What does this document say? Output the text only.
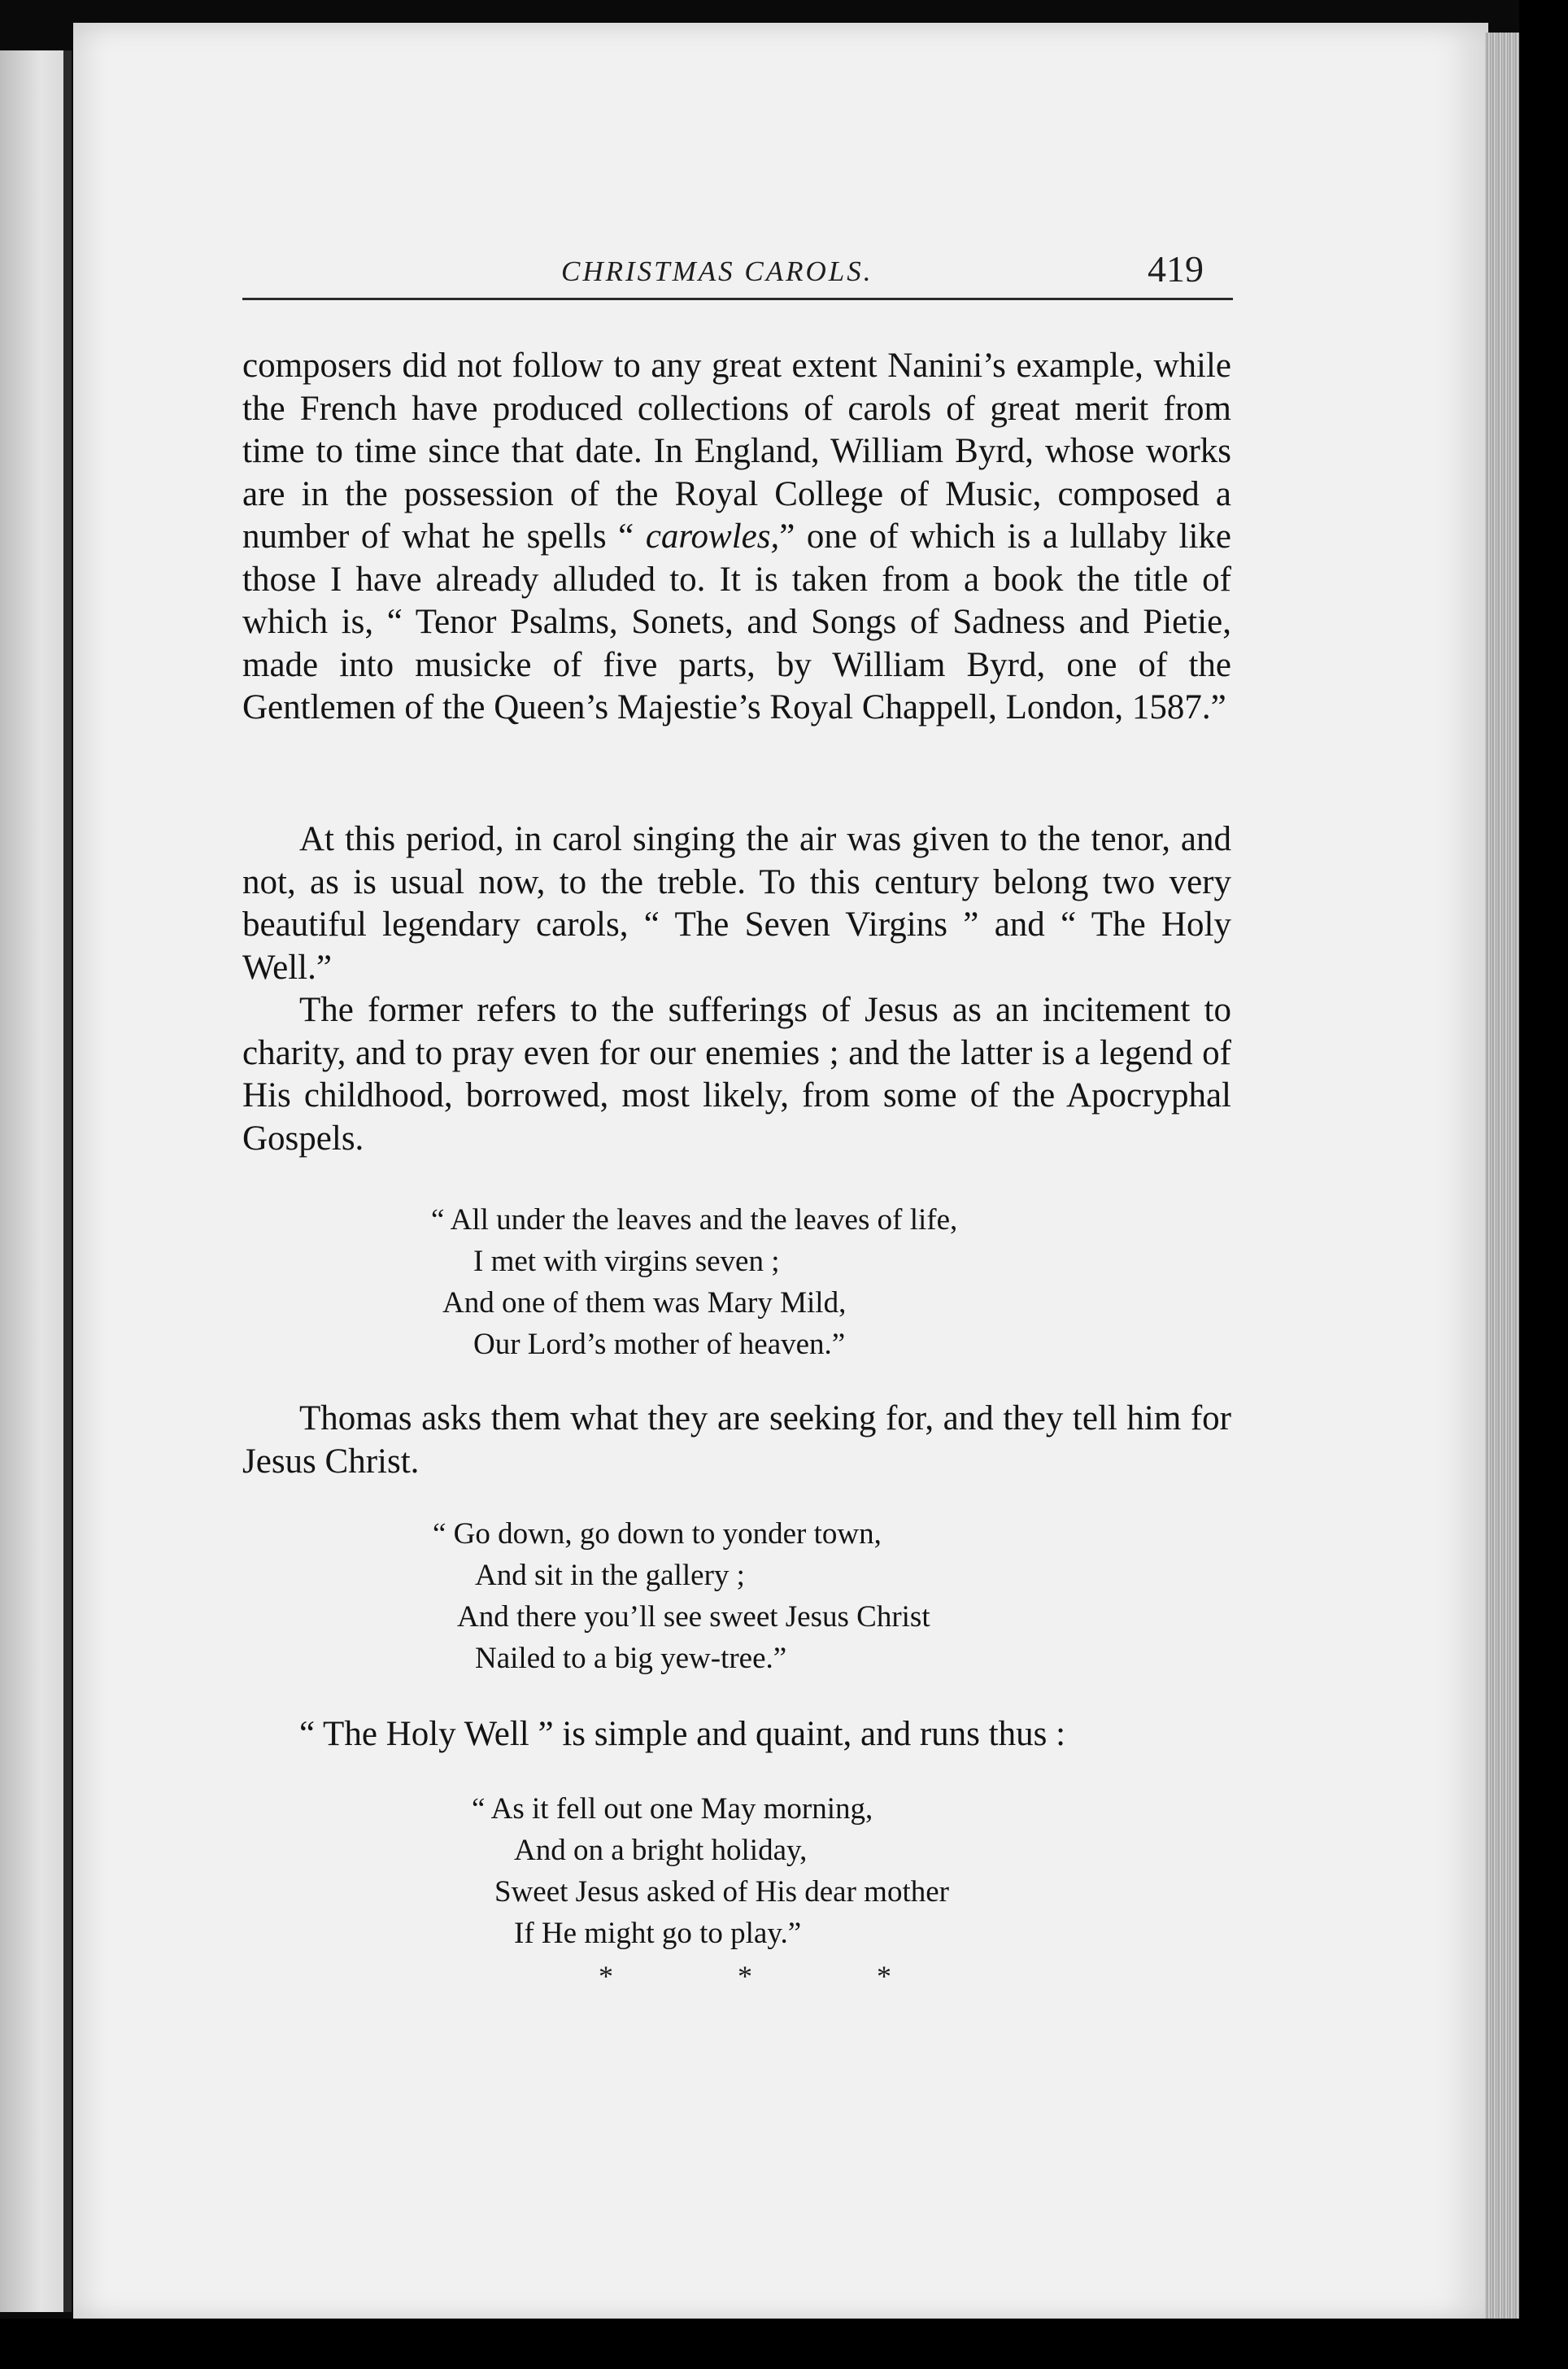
CHRISTMAS CAROLS.	419

composers did not follow to any great extent Nanini’s example, while the French have produced collections of carols of great merit from time to time since that date. In England, William Byrd, whose works are in the possession of the Royal College of Music, composed a number of what he spells “ carowles,” one of which is a lullaby like those I have already alluded to. It is taken from a book the title of which is, “ Tenor Psalms, Sonets, and Songs of Sadness and Pietie, made into musicke of five parts, by William Byrd, one of the Gentlemen of the Queen’s Majestie’s Royal Chappell, London, 1587.”

At this period, in carol singing the air was given to the tenor, and not, as is usual now, to the treble. To this century belong two very beautiful legendary carols, “ The Seven Virgins ” and “ The Holy Well.”

The former refers to the sufferings of Jesus as an incitement to charity, and to pray even for our enemies ; and the latter is a legend of His childhood, borrowed, most likely, from some of the Apocryphal Gospels.

“ All under the leaves and the leaves of life,
I met with virgins seven ;
And one of them was Mary Mild,
Our Lord’s mother of heaven.”

Thomas asks them what they are seeking for, and they tell him for Jesus Christ.

“ Go down, go down to yonder town,
And sit in the gallery ;
And there you’ll see sweet Jesus Christ
Nailed to a big yew-tree.”

“ The Holy Well ” is simple and quaint, and runs thus :

“ As it fell out one May morning,
And on a bright holiday,
Sweet Jesus asked of His dear mother
If He might go to play.”
*	*	*
